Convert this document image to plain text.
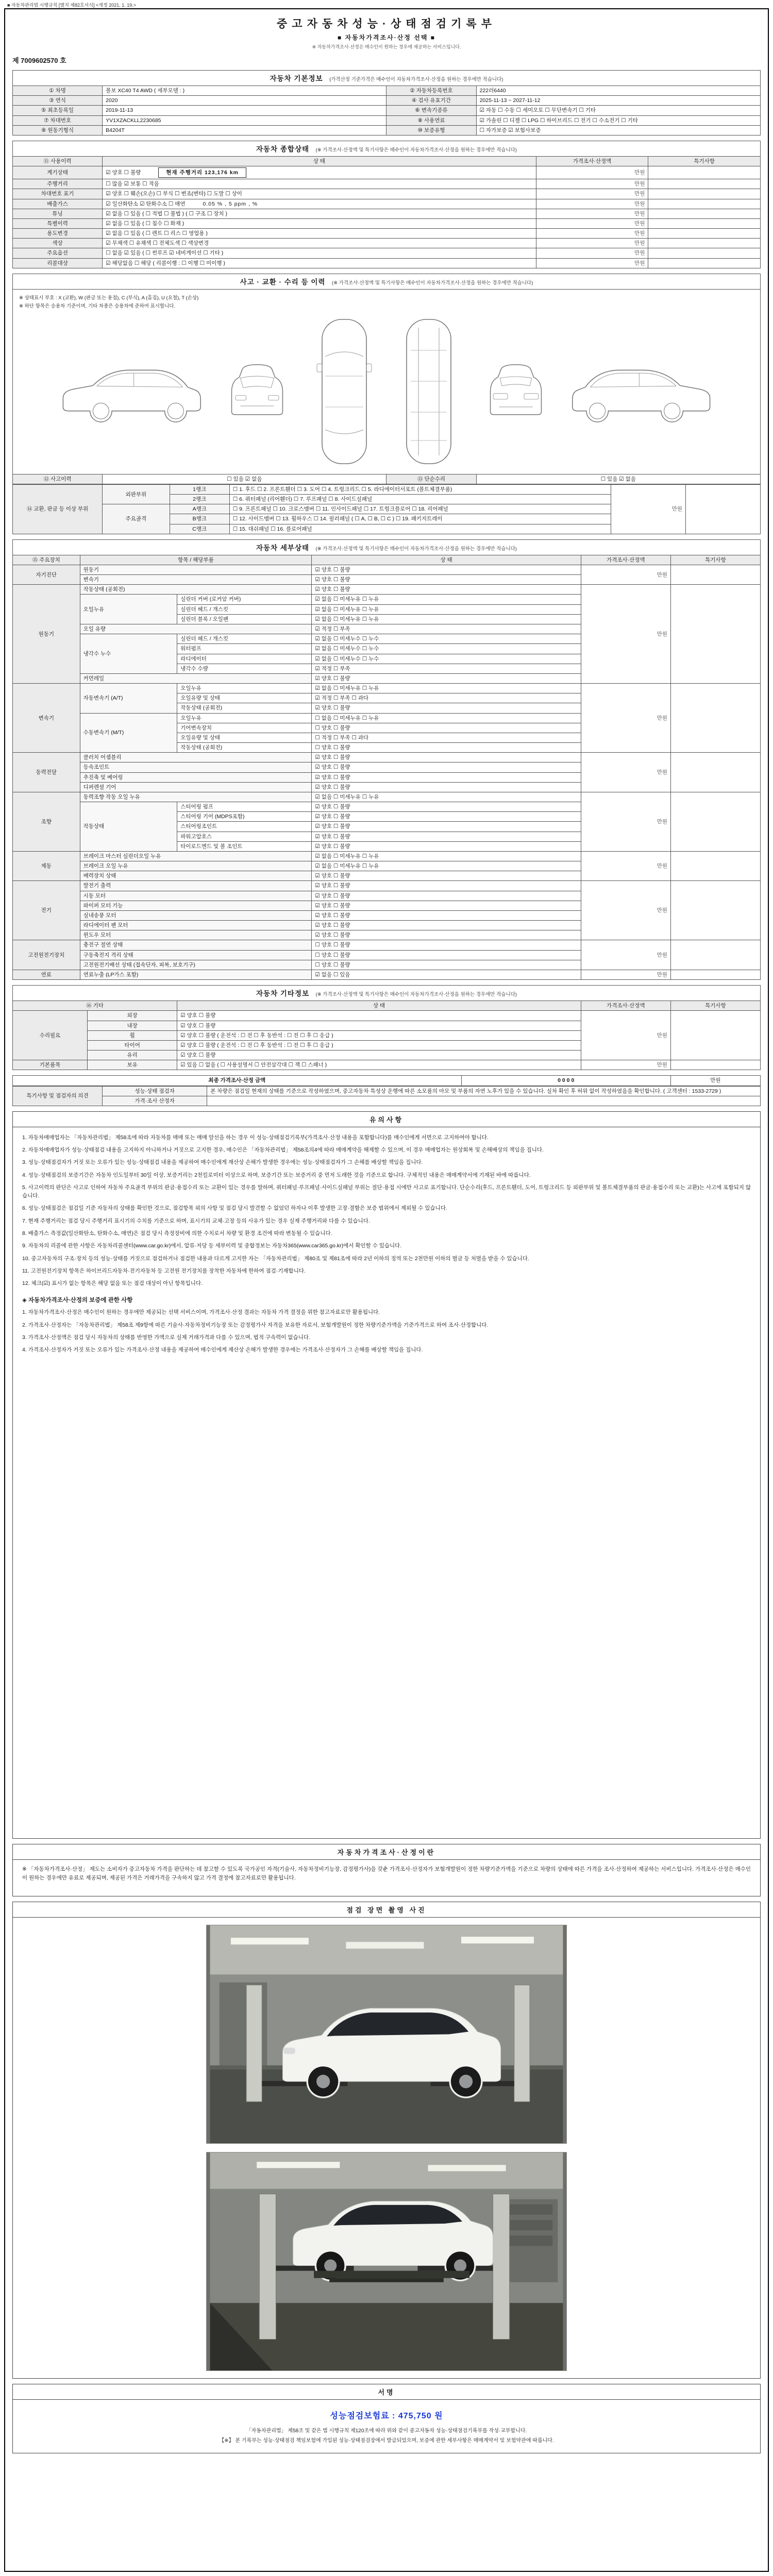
■ 자동차관리법 시행규칙 [별지 제82호서식] <개정 2021. 1. 19.>
중고자동차성능·상태점검기록부
■ 자동차가격조사·산정 선택 ■
※ 자동차가격조사·산정은 매수인이 원하는 경우에 제공하는 서비스입니다.
제 7009602570 호
자동차 기본정보 (가격산정 기준가격은 매수인이 자동차가격조사·산정을 원하는 경우에만 적습니다)
① 차명	볼보 XC40 T4 AWD ( 세부모델 : )	② 자동차등록번호	222러6440
③ 연식	2020	④ 검사 유효기간	2025-11-13 ~ 2027-11-12
⑤ 최초등록일	2019-11-13	⑥ 변속기종류	☑ 자동 ☐ 수동 ☐ 세미오토 ☐ 무단변속기 ☐ 기타
⑦ 차대번호	YV1XZACKLL2230685	⑧ 사용연료	☑ 가솔린 ☐ 디젤 ☐ LPG ☐ 하이브리드 ☐ 전기 ☐ 수소전기 ☐ 기타
⑨ 원동기형식	B4204T	⑩ 보증유형	☐ 자가보증 ☑ 보험사보증
자동차 종합상태 (※ 가격조사·산정액 및 특기사항은 매수인이 자동차가격조사·산정을 원하는 경우에만 적습니다)
⑪ 사용이력	상 태	가격조사·산정액	특기사항
계기상태	☑ 양호 ☐ 불량 현재 주행거리 123,176 km	만원	
주행거리	☐ 많음 ☑ 보통 ☐ 적음	만원	
차대번호 표기	☑ 양호 ☐ 훼손(오손) ☐ 부식 ☐ 변조(변타) ☐ 도말 ☐ 상이	만원	
배출가스	☑ 일산화탄소 ☑ 탄화수소 ☐ 매연 0.05 % , 5 ppm , %	만원	
튜닝	☑ 없음 ☐ 있음 ( ☐ 적법 ☐ 불법 ) ( ☐ 구조 ☐ 장치 )	만원	
특별이력	☑ 없음 ☐ 있음 ( ☐ 침수 ☐ 화재 )	만원	
용도변경	☑ 없음 ☐ 있음 ( ☐ 렌트 ☐ 리스 ☐ 영업용 )	만원	
색상	☑ 무채색 ☐ 유채색 ☐ 전체도색 ☐ 색상변경	만원	
주요옵션	☐ 없음 ☑ 있음 ( ☐ 썬루프 ☑ 네비게이션 ☐ 기타 )	만원	
리콜대상	☑ 해당없음 ☐ 해당 ( 리콜이행 : ☐ 이행 ☐ 미이행 )	만원	
사고 · 교환 · 수리 등 이력 (※ 가격조사·산정액 및 특기사항은 매수인이 자동차가격조사·산정을 원하는 경우에만 적습니다)
※ 상태표시 부호 : X (교환), W (판금 또는 용접), C (부식), A (흠집), U (요철), T (손상)
※ 하단 항목은 승용차 기준이며, 기타 차종은 승용차에 준하여 표시합니다.
⑫ 사고이력	☐ 있음 ☑ 없음	⑬ 단순수리	☐ 있음 ☑ 없음
⑭ 교환, 판금 등 이상 부위	외판부위	1랭크	☐ 1. 후드 ☐ 2. 프론트휀더 ☐ 3. 도어 ☐ 4. 트렁크리드 ☐ 5. 라디에이터서포트 (볼트체결부품)	만원	
		2랭크	☐ 6. 쿼터패널 (리어휀더) ☐ 7. 루프패널 ☐ 8. 사이드실패널		
	주요골격	A랭크	☐ 9. 프론트패널 ☐ 10. 크로스멤버 ☐ 11. 인사이드패널 ☐ 17. 트렁크플로어 ☐ 18. 리어패널		
		B랭크	☐ 12. 사이드멤버 ☐ 13. 휠하우스 ☐ 14. 필러패널 ( ☐ A, ☐ B, ☐ C ) ☐ 19. 패키지트레이		
		C랭크	☐ 15. 대쉬패널 ☐ 16. 플로어패널		
자동차 세부상태 (※ 가격조사·산정액 및 특기사항은 매수인이 자동차가격조사·산정을 원하는 경우에만 적습니다)
⑮ 주요장치	항목 / 해당부품		상 태	가격조사·산정액	특기사항
자기진단	원동기		☑ 양호 ☐ 불량	만원	
	변속기		☑ 양호 ☐ 불량		
원동기	작동상태 (공회전)		☑ 양호 ☐ 불량	만원	
	오일누유	실린더 커버 (로커암 커버)	☑ 없음 ☐ 미세누유 ☐ 누유		
		실린더 헤드 / 개스킷	☑ 없음 ☐ 미세누유 ☐ 누유		
		실린더 블록 / 오일팬	☑ 없음 ☐ 미세누유 ☐ 누유		
	오일 유량		☑ 적정 ☐ 부족		
	냉각수 누수	실린더 헤드 / 개스킷	☑ 없음 ☐ 미세누수 ☐ 누수		
		워터펌프	☑ 없음 ☐ 미세누수 ☐ 누수		
		라디에이터	☑ 없음 ☐ 미세누수 ☐ 누수		
		냉각수 수량	☑ 적정 ☐ 부족		
	커먼레일		☑ 양호 ☐ 불량		
변속기	자동변속기 (A/T)	오일누유	☑ 없음 ☐ 미세누유 ☐ 누유	만원	
		오일유량 및 상태	☑ 적정 ☐ 부족 ☐ 과다		
		작동상태 (공회전)	☑ 양호 ☐ 불량		
	수동변속기 (M/T)	오일누유	☐ 없음 ☐ 미세누유 ☐ 누유		
		기어변속장치	☐ 양호 ☐ 불량		
		오일유량 및 상태	☐ 적정 ☐ 부족 ☐ 과다		
		작동상태 (공회전)	☐ 양호 ☐ 불량		
동력전달	클러치 어셈블리		☑ 양호 ☐ 불량	만원	
	등속조인트		☑ 양호 ☐ 불량		
	추진축 및 베어링		☑ 양호 ☐ 불량		
	디퍼렌셜 기어		☑ 양호 ☐ 불량		
조향	동력조향 작동 오일 누유		☑ 없음 ☐ 미세누유 ☐ 누유	만원	
	작동상태	스티어링 펌프	☑ 양호 ☐ 불량		
		스티어링 기어 (MDPS포함)	☑ 양호 ☐ 불량		
		스티어링조인트	☑ 양호 ☐ 불량		
		파워고압호스	☑ 양호 ☐ 불량		
		타이로드엔드 및 볼 조인트	☑ 양호 ☐ 불량		
제동	브레이크 마스터 실린더오일 누유		☑ 없음 ☐ 미세누유 ☐ 누유	만원	
	브레이크 오일 누유		☑ 없음 ☐ 미세누유 ☐ 누유		
	배력장치 상태		☑ 양호 ☐ 불량		
전기	발전기 출력		☑ 양호 ☐ 불량	만원	
	시동 모터		☑ 양호 ☐ 불량		
	와이퍼 모터 기능		☑ 양호 ☐ 불량		
	실내송풍 모터		☑ 양호 ☐ 불량		
	라디에이터 팬 모터		☑ 양호 ☐ 불량		
	윈도우 모터		☑ 양호 ☐ 불량		
고전원전기장치	충전구 절연 상태		☐ 양호 ☐ 불량	만원	
	구동축전지 격리 상태		☐ 양호 ☐ 불량		
	고전원전기배선 상태 (접속단자, 피복, 보호기구)		☐ 양호 ☐ 불량		
연료	연료누출 (LP가스 포함)		☑ 없음 ☐ 있음	만원	
자동차 기타정보 (※ 가격조사·산정액 및 특기사항은 매수인이 자동차가격조사·산정을 원하는 경우에만 적습니다)
⑯ 기타		상 태	가격조사·산정액	특기사항
수리필요	외장	☑ 양호 ☐ 불량	만원	
	내장	☑ 양호 ☐ 불량		
	휠	☑ 양호 ☐ 불량 ( 운전석 : ☐ 전 ☐ 후 동반석 : ☐ 전 ☐ 후 ☐ 응급 )		
	타이어	☑ 양호 ☐ 불량 ( 운전석 : ☐ 전 ☐ 후 동반석 : ☐ 전 ☐ 후 ☐ 응급 )		
	유리	☑ 양호 ☐ 불량		
기본품목	보유	☑ 있음 ☐ 없음 ( ☐ 사용설명서 ☐ 안전삼각대 ☐ 잭 ☐ 스패너 )	만원	
최종 가격조사·산정 금액	0 0 0 0	만원
특기사항 및 점검자의 의견	성능·상태 점검자	본 차량은 점검일 현재의 상태를 기준으로 작성하였으며, 중고자동차 특성상 운행에 따른 소모품의 마모 및 부품의 자연 노후가 있을 수 있습니다. 실차 확인 후 허위 없이 작성하였음을 확인합니다. ( 고객센터 : 1533-2729 )
	가격·조사 산정자	
유의사항
1. 자동차매매업자는 「자동차관리법」 제58조에 따라 자동차를 매매 또는 매매 알선을 하는 경우 이 성능·상태점검기록부(가격조사·산정 내용을 포함합니다)를 매수인에게 서면으로 고지하여야 합니다.
2. 자동차매매업자가 성능·상태점검 내용을 고지하지 아니하거나 거짓으로 고지한 경우, 매수인은 「자동차관리법」 제58조의4에 따라 매매계약을 해제할 수 있으며, 이 경우 매매업자는 원상회복 및 손해배상의 책임을 집니다.
3. 성능·상태점검자가 거짓 또는 오류가 있는 성능·상태점검 내용을 제공하여 매수인에게 재산상 손해가 발생한 경우에는 성능·상태점검자가 그 손해를 배상할 책임을 집니다.
4. 성능·상태점검의 보증기간은 자동차 인도일부터 30일 이상, 보증거리는 2천킬로미터 이상으로 하며, 보증기간 또는 보증거리 중 먼저 도래한 것을 기준으로 합니다. 구체적인 내용은 매매계약서에 기재된 바에 따릅니다.
5. 사고이력의 판단은 사고로 인하여 자동차 주요골격 부위의 판금·용접수리 또는 교환이 있는 경우를 말하며, 쿼터패널·루프패널·사이드실패널 부위는 절단·용접 시에만 사고로 표기합니다. 단순수리(후드, 프론트휀더, 도어, 트렁크리드 등 외판부위 및 볼트체결부품의 판금·용접수리 또는 교환)는 사고에 포함되지 않습니다.
6. 성능·상태점검은 점검일 기준 자동차의 상태를 확인한 것으로, 점검항목 외의 사항 및 점검 당시 발견할 수 없었던 하자나 이후 발생한 고장·결함은 보증 범위에서 제외될 수 있습니다.
7. 현재 주행거리는 점검 당시 주행거리 표시기의 수치를 기준으로 하며, 표시기의 교체·고장 등의 사유가 있는 경우 실제 주행거리와 다를 수 있습니다.
8. 배출가스 측정값(일산화탄소, 탄화수소, 매연)은 점검 당시 측정장비에 의한 수치로서 차량 및 환경 조건에 따라 변동될 수 있습니다.
9. 자동차의 리콜에 관한 사항은 자동차리콜센터(www.car.go.kr)에서, 압류·저당 등 세부이력 및 종합정보는 자동차365(www.car365.go.kr)에서 확인할 수 있습니다.
10. 중고자동차의 구조·장치 등의 성능·상태를 거짓으로 점검하거나 점검한 내용과 다르게 고지한 자는 「자동차관리법」 제80조 및 제81조에 따라 2년 이하의 징역 또는 2천만원 이하의 벌금 등 처벌을 받을 수 있습니다.
11. 고전원전기장치 항목은 하이브리드자동차·전기자동차 등 고전원 전기장치를 장착한 자동차에 한하여 점검·기재합니다.
12. 체크(☑) 표시가 없는 항목은 해당 없음 또는 점검 대상이 아닌 항목입니다.
◈ 자동차가격조사·산정의 보증에 관한 사항
1. 자동차가격조사·산정은 매수인이 원하는 경우에만 제공되는 선택 서비스이며, 가격조사·산정 결과는 자동차 가격 결정을 위한 참고자료로만 활용됩니다.
2. 가격조사·산정자는 「자동차관리법」 제58조 제9항에 따른 기술사·자동차정비기능장 또는 감정평가사 자격을 보유한 자로서, 보험개발원이 정한 차량기준가액을 기준가격으로 하여 조사·산정합니다.
3. 가격조사·산정액은 점검 당시 자동차의 상태를 반영한 가액으로 실제 거래가격과 다를 수 있으며, 법적 구속력이 없습니다.
4. 가격조사·산정자가 거짓 또는 오류가 있는 가격조사·산정 내용을 제공하여 매수인에게 재산상 손해가 발생한 경우에는 가격조사·산정자가 그 손해를 배상할 책임을 집니다.
자동차가격조사·산정이란
※ 「자동차가격조사·산정」 제도는 소비자가 중고자동차 가격을 판단하는 데 참고할 수 있도록 국가공인 자격(기술사, 자동차정비기능장, 감정평가사)을 갖춘 가격조사·산정자가 보험개발원이 정한 차량기준가액을 기준으로 차량의 상태에 따른 가격을 조사·산정하여 제공하는 서비스입니다. 가격조사·산정은 매수인이 원하는 경우에만 유료로 제공되며, 제공된 가격은 거래가격을 구속하지 않고 가격 결정에 참고자료로만 활용됩니다.
점검 장면 촬영 사진
서명
성능점검보험료 : 475,750 원
「자동차관리법」 제58조 및 같은 법 시행규칙 제120조에 따라 위와 같이 중고자동차 성능·상태점검기록부를 작성·교부합니다.
【※】 본 기록부는 성능·상태점검 책임보험에 가입된 성능·상태점검장에서 발급되었으며, 보증에 관한 세부사항은 매매계약서 및 보험약관에 따릅니다.
